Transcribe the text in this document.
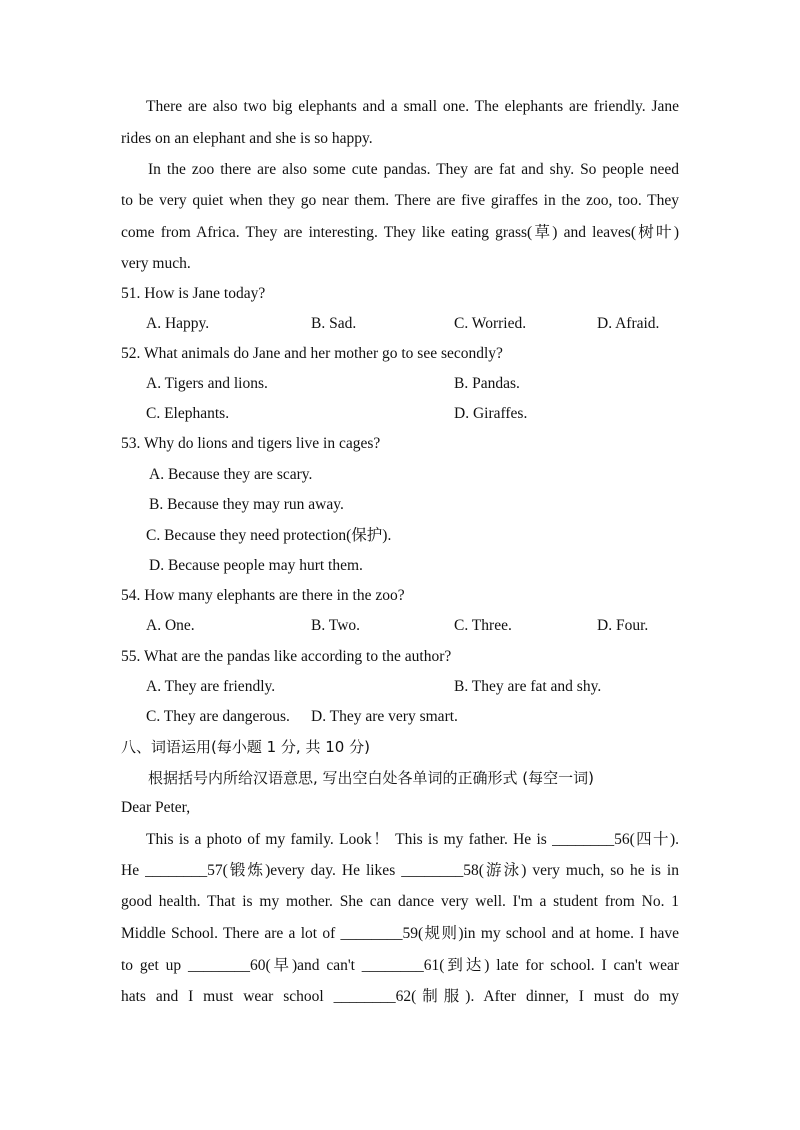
There are also two big elephants and a small one. The elephants are friendly. Jane
rides on an elephant and she is so happy.
In the zoo there are also some cute pandas. They are fat and shy. So people need
to be very quiet when they go near them. There are five giraffes in the zoo, too. They
come from Africa. They are interesting. They like eating grass(草) and leaves(树叶)
very much.
51. How is Jane today?
A. Happy.	B. Sad.	C. Worried.	D. Afraid.
52. What animals do Jane and her mother go to see secondly?
A. Tigers and lions.	B. Pandas.
C. Elephants.	D. Giraffes.
53. Why do lions and tigers live in cages?
A. Because they are scary.
B. Because they may run away.
C. Because they need protection(保护).
D. Because people may hurt them.
54. How many elephants are there in the zoo?
A. One.	B. Two.	C. Three.	D. Four.
55. What are the pandas like according to the author?
A. They are friendly.	B. They are fat and shy.
C. They are dangerous. D. They are very smart.
八、词语运用(每小题 1 分, 共 10 分)
根据括号内所给汉语意思, 写出空白处各单词的正确形式 (每空一词)
Dear Peter,
This is a photo of my family. Look！ This is my father. He is ________56(四十).
He ________57(锻炼)every day. He likes ________58(游泳) very much, so he is in
good health. That is my mother. She can dance very well. I'm a student from No. 1
Middle School. There are a lot of ________59(规则)in my school and at home. I have
to get up ________60(早)and can't ________61(到达) late for school. I can't wear
hats and I must wear school ________62(制服). After dinner, I must do my
